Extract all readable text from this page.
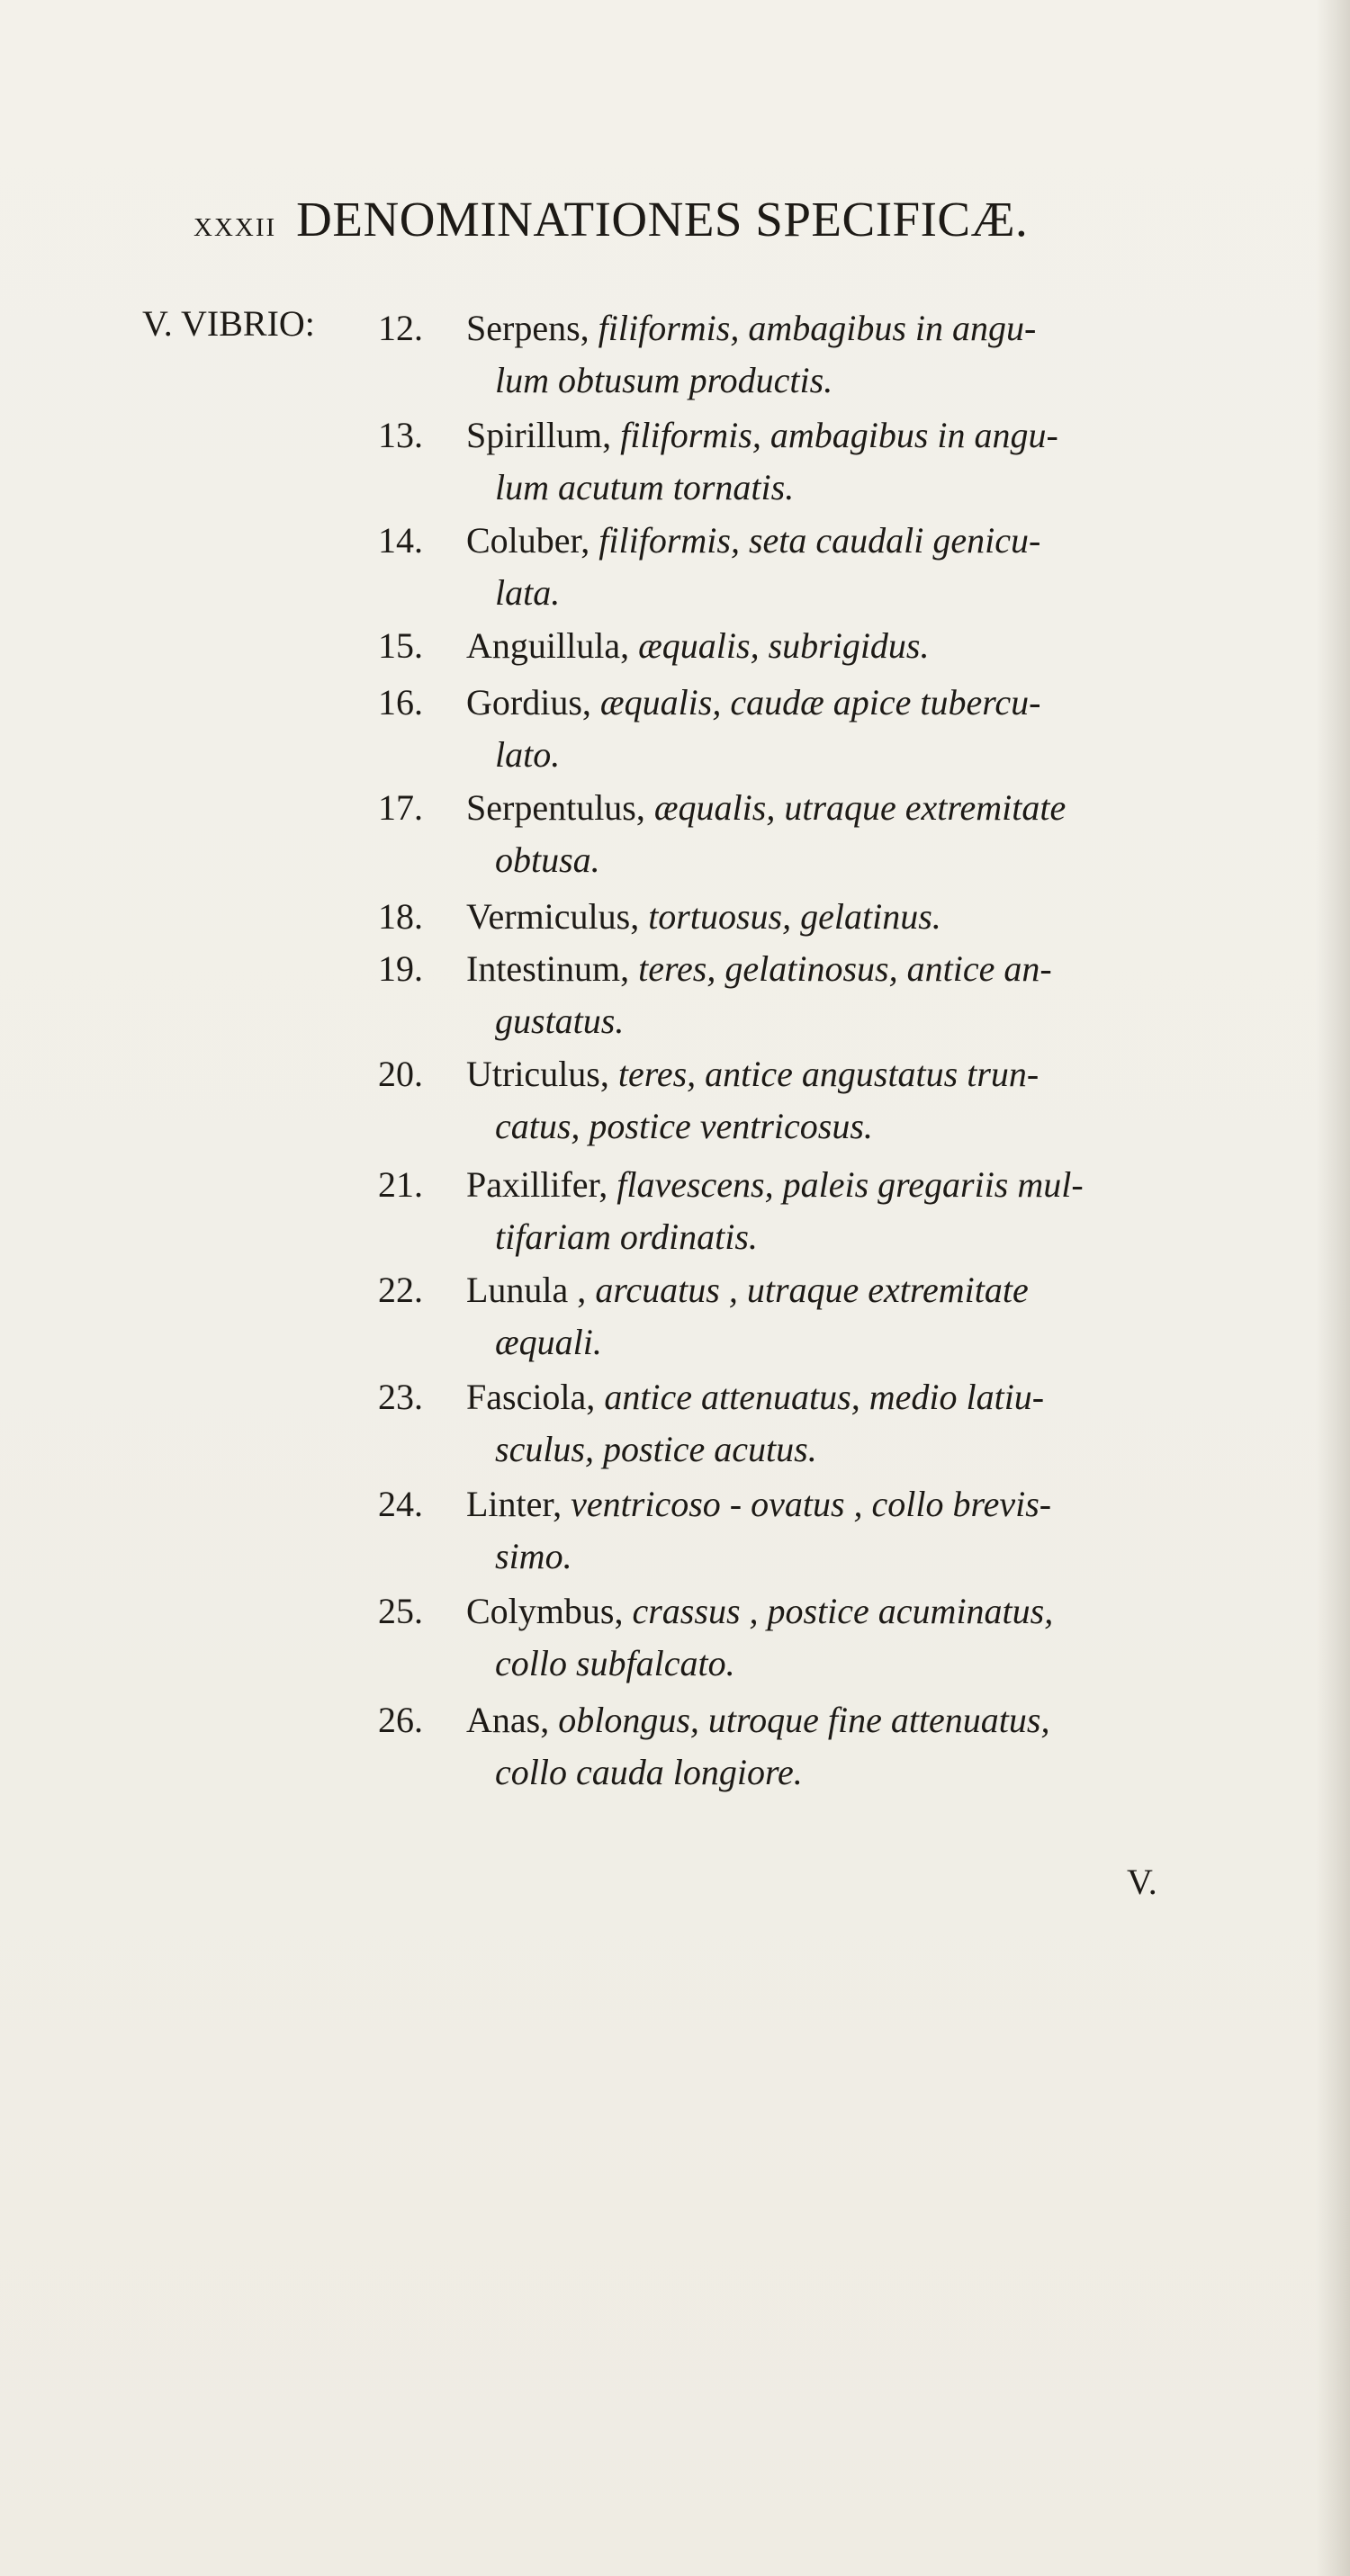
xxxii DENOMINATIONES SPECIFICÆ.
V. VIBRIO: 12.	Serpens, filiformis, ambagibus in angu-
lum obtusum productis.
13.	Spirillum, filiformis, ambagibus in angu-
lum acutum tornatis.
14.	Coluber, filiformis, seta caudali genicu-
lata.
15.	Anguillula, æqualis, subrigidus.
16.	Gordius, æqualis, caudæ apice tubercu-
lato.
17.	Serpentulus, æqualis, utraque extremitate
obtusa.
18.	Vermiculus, tortuosus, gelatinus.
19.	Intestinum, teres, gelatinosus, antice an-
gustatus.
20.	Utriculus, teres, antice angustatus trun-
catus, postice ventricosus.
21.	Paxillifer, flavescens, paleis gregariis mul-
tifariam ordinatis.
22.	Lunula , arcuatus , utraque extremitate
æquali.
23.	Fasciola, antice attenuatus, medio latiu-
sculus, postice acutus.
24.	Linter, ventricoso - ovatus , collo brevis-
simo.
25.	Colymbus, crassus , postice acuminatus,
collo subfalcato.
26.	Anas, oblongus, utroque fine attenuatus,
collo cauda longiore.
V.
